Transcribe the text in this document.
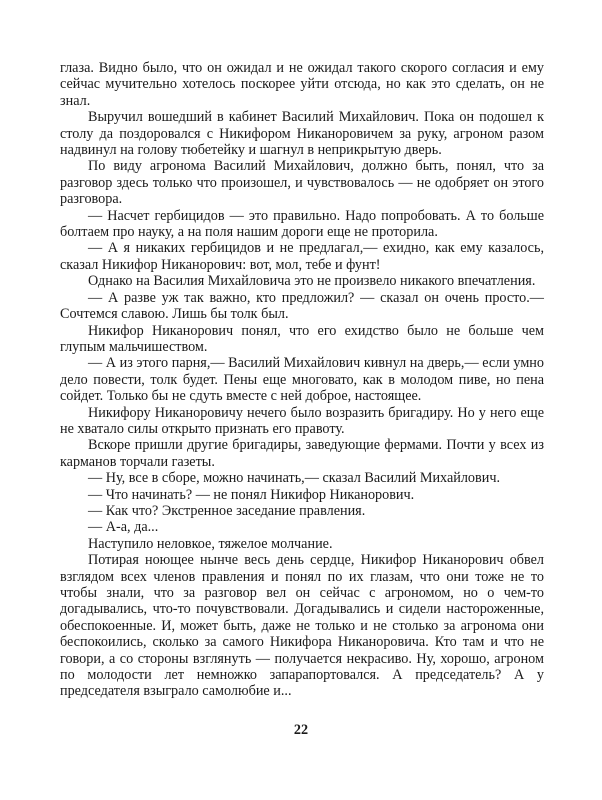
глаза. Видно было, что он ожидал и не ожидал такого скорого согласия и ему сейчас мучительно хотелось поскорее уйти отсюда, но как это сделать, он не знал.

Выручил вошедший в кабинет Василий Михайлович. Пока он подошел к столу да поздоровался с Никифором Никаноровичем за руку, агроном разом надвинул на голову тюбетейку и шагнул в неприкрытую дверь.

По виду агронома Василий Михайлович, должно быть, понял, что за разговор здесь только что произошел, и чувствовалось — не одобряет он этого разговора.

— Насчет гербицидов — это правильно. Надо попробовать. А то больше болтаем про науку, а на поля нашим дороги еще не проторила.

— А я никаких гербицидов и не предлагал,— ехидно, как ему казалось, сказал Никифор Никанорович: вот, мол, тебе и фунт!

Однако на Василия Михайловича это не произвело никакого впечатления.

— А разве уж так важно, кто предложил? — сказал он очень просто.— Сочтемся славою. Лишь бы толк был.

Никифор Никанорович понял, что его ехидство было не больше чем глупым мальчишеством.

— А из этого парня,— Василий Михайлович кивнул на дверь,— если умно дело повести, толк будет. Пены еще многовато, как в молодом пиве, но пена сойдет. Только бы не сдуть вместе с ней доброе, настоящее.

Никифору Никаноровичу нечего было возразить бригадиру. Но у него еще не хватало силы открыто признать его правоту.

Вскоре пришли другие бригадиры, заведующие фермами. Почти у всех из карманов торчали газеты.

— Ну, все в сборе, можно начинать,— сказал Василий Михайлович.

— Что начинать? — не понял Никифор Никанорович.

— Как что? Экстренное заседание правления.

— А-а, да...

Наступило неловкое, тяжелое молчание.

Потирая ноющее нынче весь день сердце, Никифор Никанорович обвел взглядом всех членов правления и понял по их глазам, что они тоже не то чтобы знали, что за разговор вел он сейчас с агрономом, но о чем-то догадывались, что-то почувствовали. Догадывались и сидели настороженные, обеспокоенные. И, может быть, даже не только и не столько за агронома они беспокоились, сколько за самого Никифора Никаноровича. Кто там и что не говори, а со стороны взглянуть — получается некрасиво. Ну, хорошо, агроном по молодости лет немножко запарапортовался. А председатель? А у председателя взыграло самолюбие и...

22
